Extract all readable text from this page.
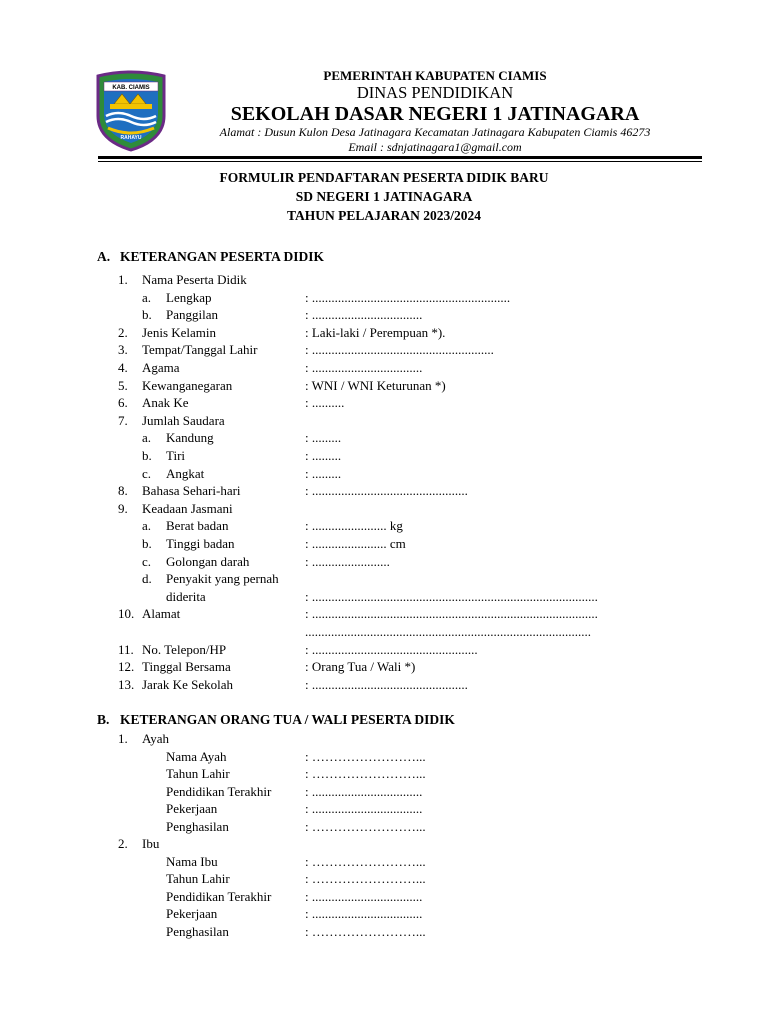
KAB. CIAMIS
RAHAYU
PEMERINTAH KABUPATEN CIAMIS
DINAS PENDIDIKAN
SEKOLAH DASAR NEGERI 1 JATINAGARA
Alamat : Dusun Kulon Desa Jatinagara Kecamatan Jatinagara Kabupaten Ciamis 46273
Email : sdnjatinagara1@gmail.com
FORMULIR PENDAFTARAN PESERTA DIDIK BARU
SD NEGERI 1 JATINAGARA
TAHUN PELAJARAN 2023/2024
A. KETERANGAN PESERTA DIDIK
1. Nama Peserta Didik
a. Lengkap	: .............................................................
b. Panggilan	: ..................................
2. Jenis Kelamin	: Laki-laki / Perempuan *).
3. Tempat/Tanggal Lahir	: ........................................................
4. Agama	: ..................................
5. Kewanganegaran	: WNI / WNI Keturunan *)
6. Anak Ke	: ..........
7. Jumlah Saudara
a. Kandung	: .........
b. Tiri	: .........
c. Angkat	: .........
8. Bahasa Sehari-hari	: ................................................
9. Keadaan Jasmani
a. Berat badan	: ....................... kg
b. Tinggi badan	: ....................... cm
c. Golongan darah	: ........................
d. Penyakit yang pernah
diderita	: ........................................................................................
10. Alamat	: ........................................................................................
........................................................................................
11. No. Telepon/HP	: ...................................................
12. Tinggal Bersama	: Orang Tua / Wali *)
13. Jarak Ke Sekolah	: ................................................
B. KETERANGAN ORANG TUA / WALI PESERTA DIDIK
1. Ayah
Nama Ayah	: ……………………...
Tahun Lahir	: ……………………...
Pendidikan Terakhir	: ..................................
Pekerjaan	: ..................................
Penghasilan	: ……………………...
2. Ibu
Nama Ibu	: ……………………...
Tahun Lahir	: ……………………...
Pendidikan Terakhir	: ..................................
Pekerjaan	: ..................................
Penghasilan	: ……………………...
